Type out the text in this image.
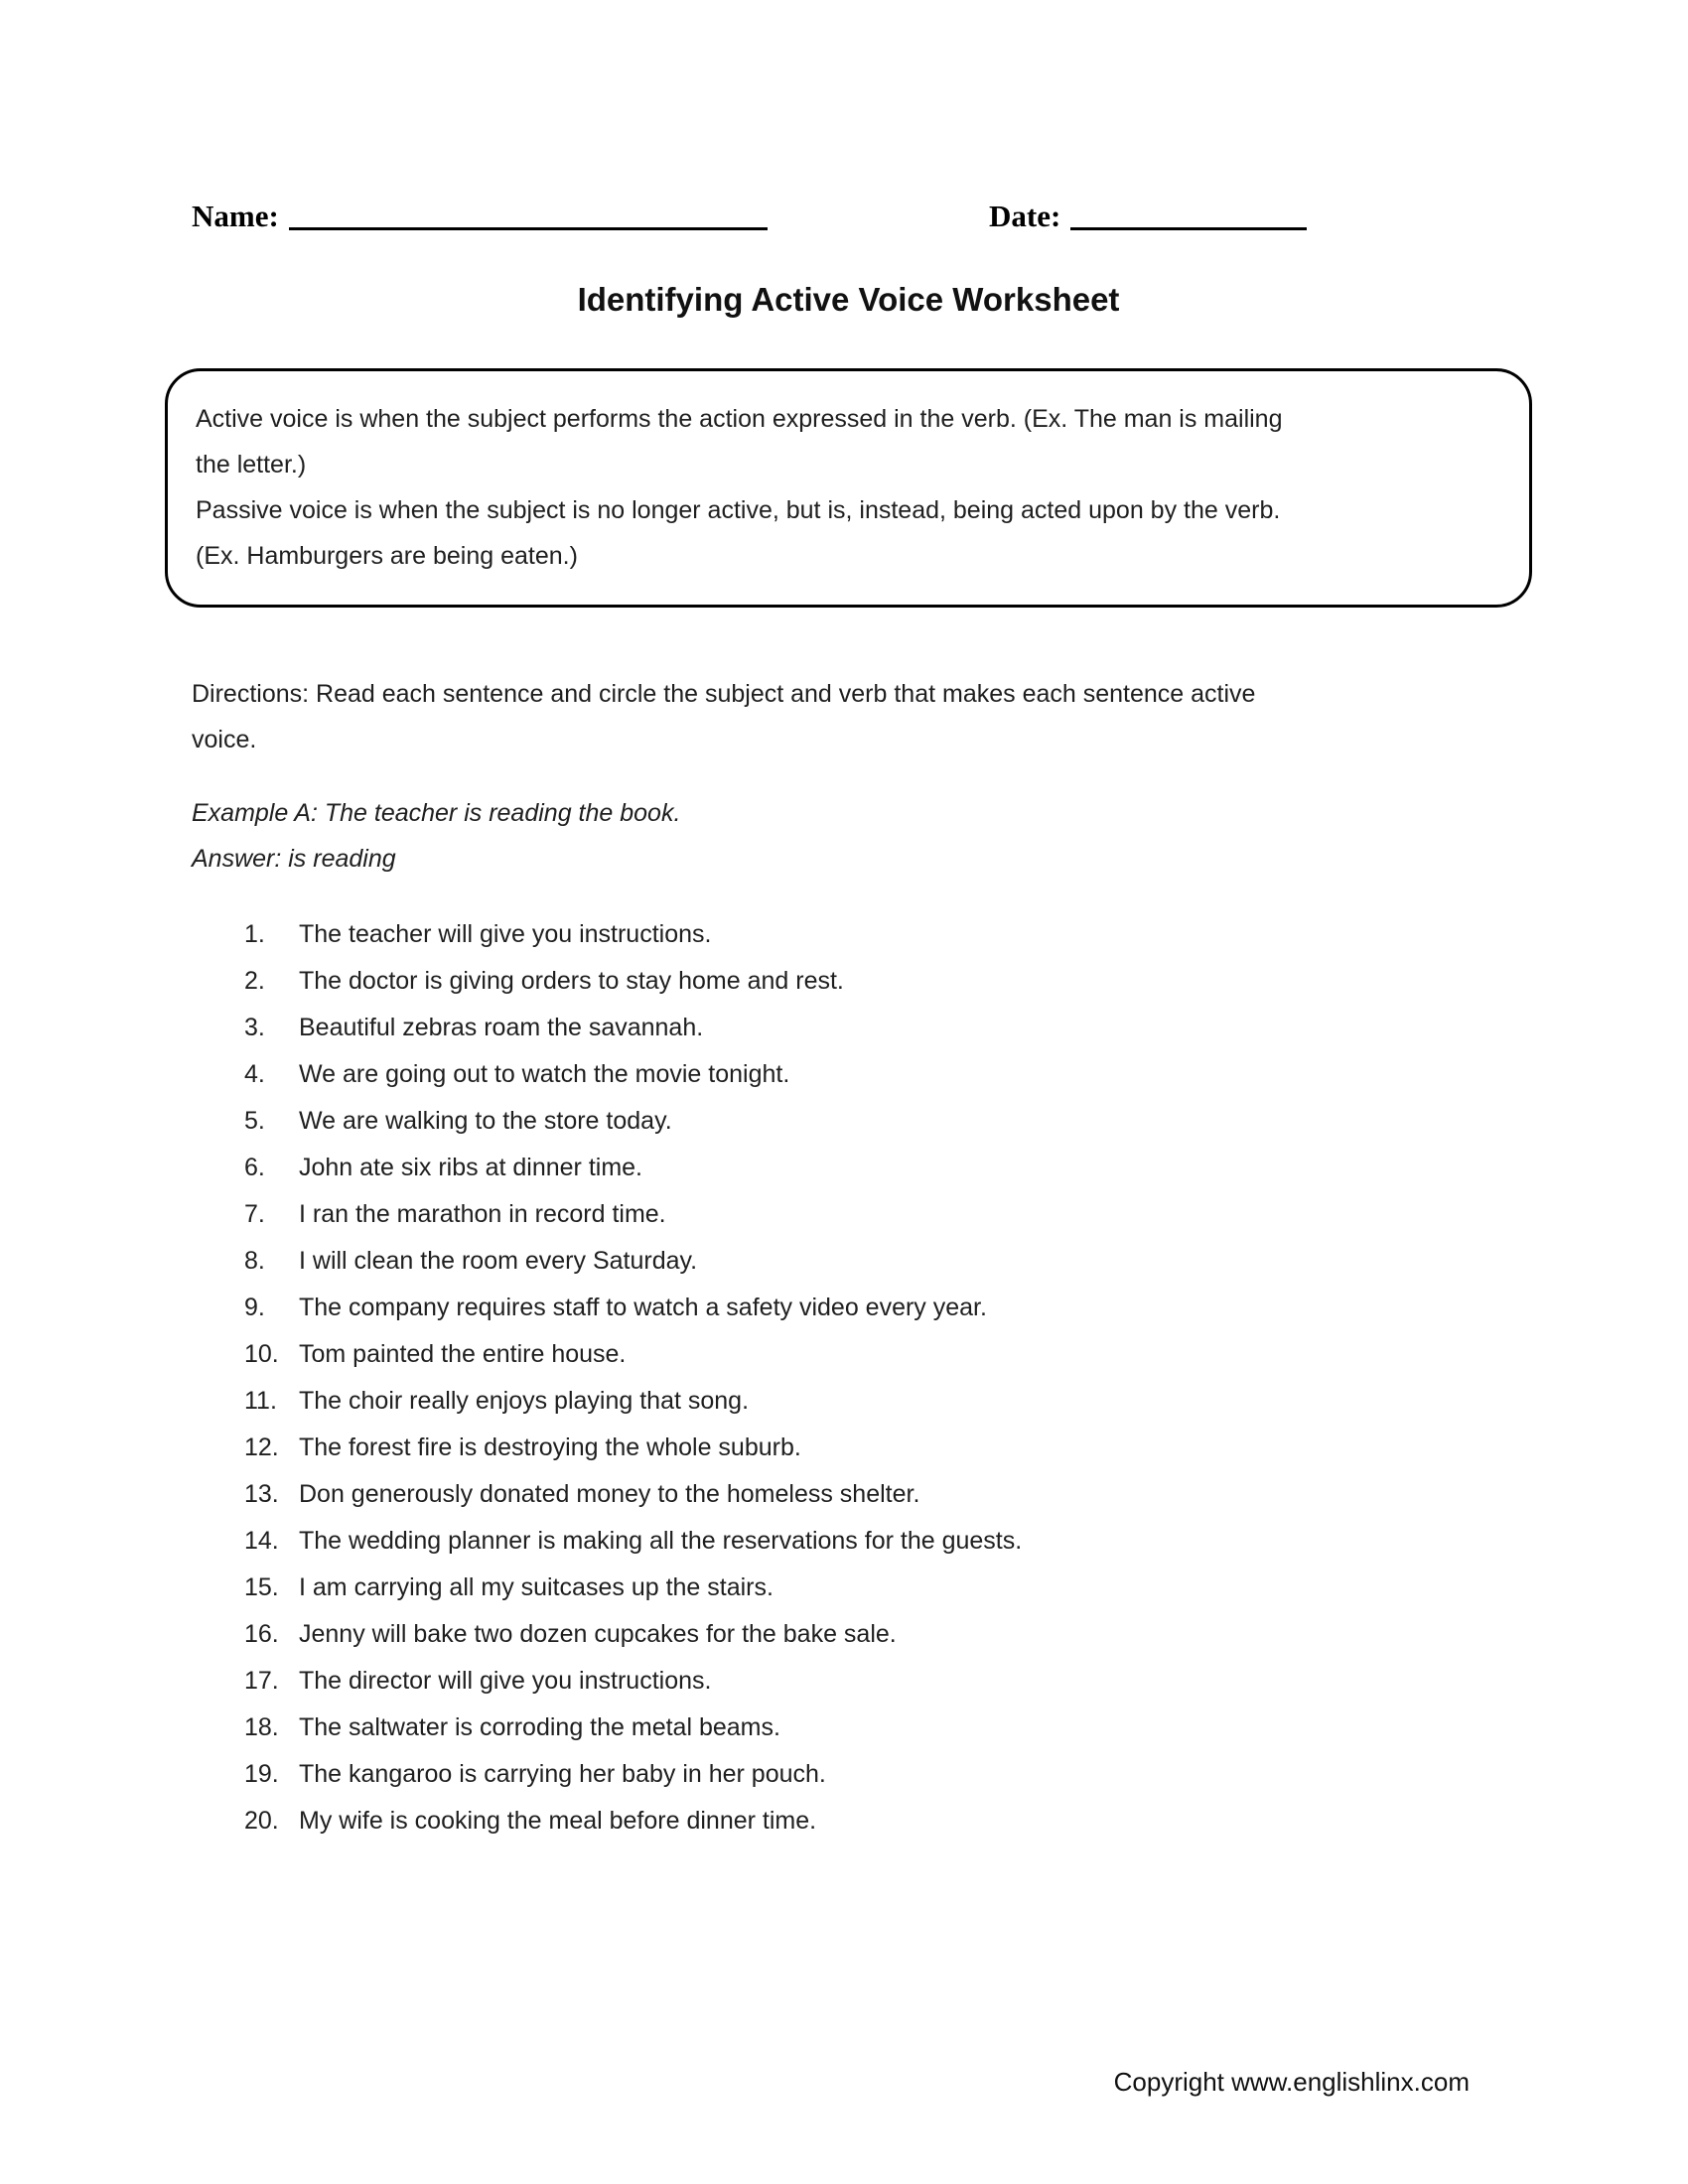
Name:	Date:
Identifying Active Voice Worksheet
Active voice is when the subject performs the action expressed in the verb. (Ex. The man is mailing
the letter.)
Passive voice is when the subject is no longer active, but is, instead, being acted upon by the verb.
(Ex. Hamburgers are being eaten.)
Directions: Read each sentence and circle the subject and verb that makes each sentence active
voice.
Example A: The teacher is reading the book.
Answer: is reading
1.	The teacher will give you instructions.
2.	The doctor is giving orders to stay home and rest.
3.	Beautiful zebras roam the savannah.
4.	We are going out to watch the movie tonight.
5.	We are walking to the store today.
6.	John ate six ribs at dinner time.
7.	I ran the marathon in record time.
8.	I will clean the room every Saturday.
9.	The company requires staff to watch a safety video every year.
10. Tom painted the entire house.
11. The choir really enjoys playing that song.
12. The forest fire is destroying the whole suburb.
13. Don generously donated money to the homeless shelter.
14. The wedding planner is making all the reservations for the guests.
15. I am carrying all my suitcases up the stairs.
16. Jenny will bake two dozen cupcakes for the bake sale.
17. The director will give you instructions.
18. The saltwater is corroding the metal beams.
19. The kangaroo is carrying her baby in her pouch.
20. My wife is cooking the meal before dinner time.
Copyright www.englishlinx.com
